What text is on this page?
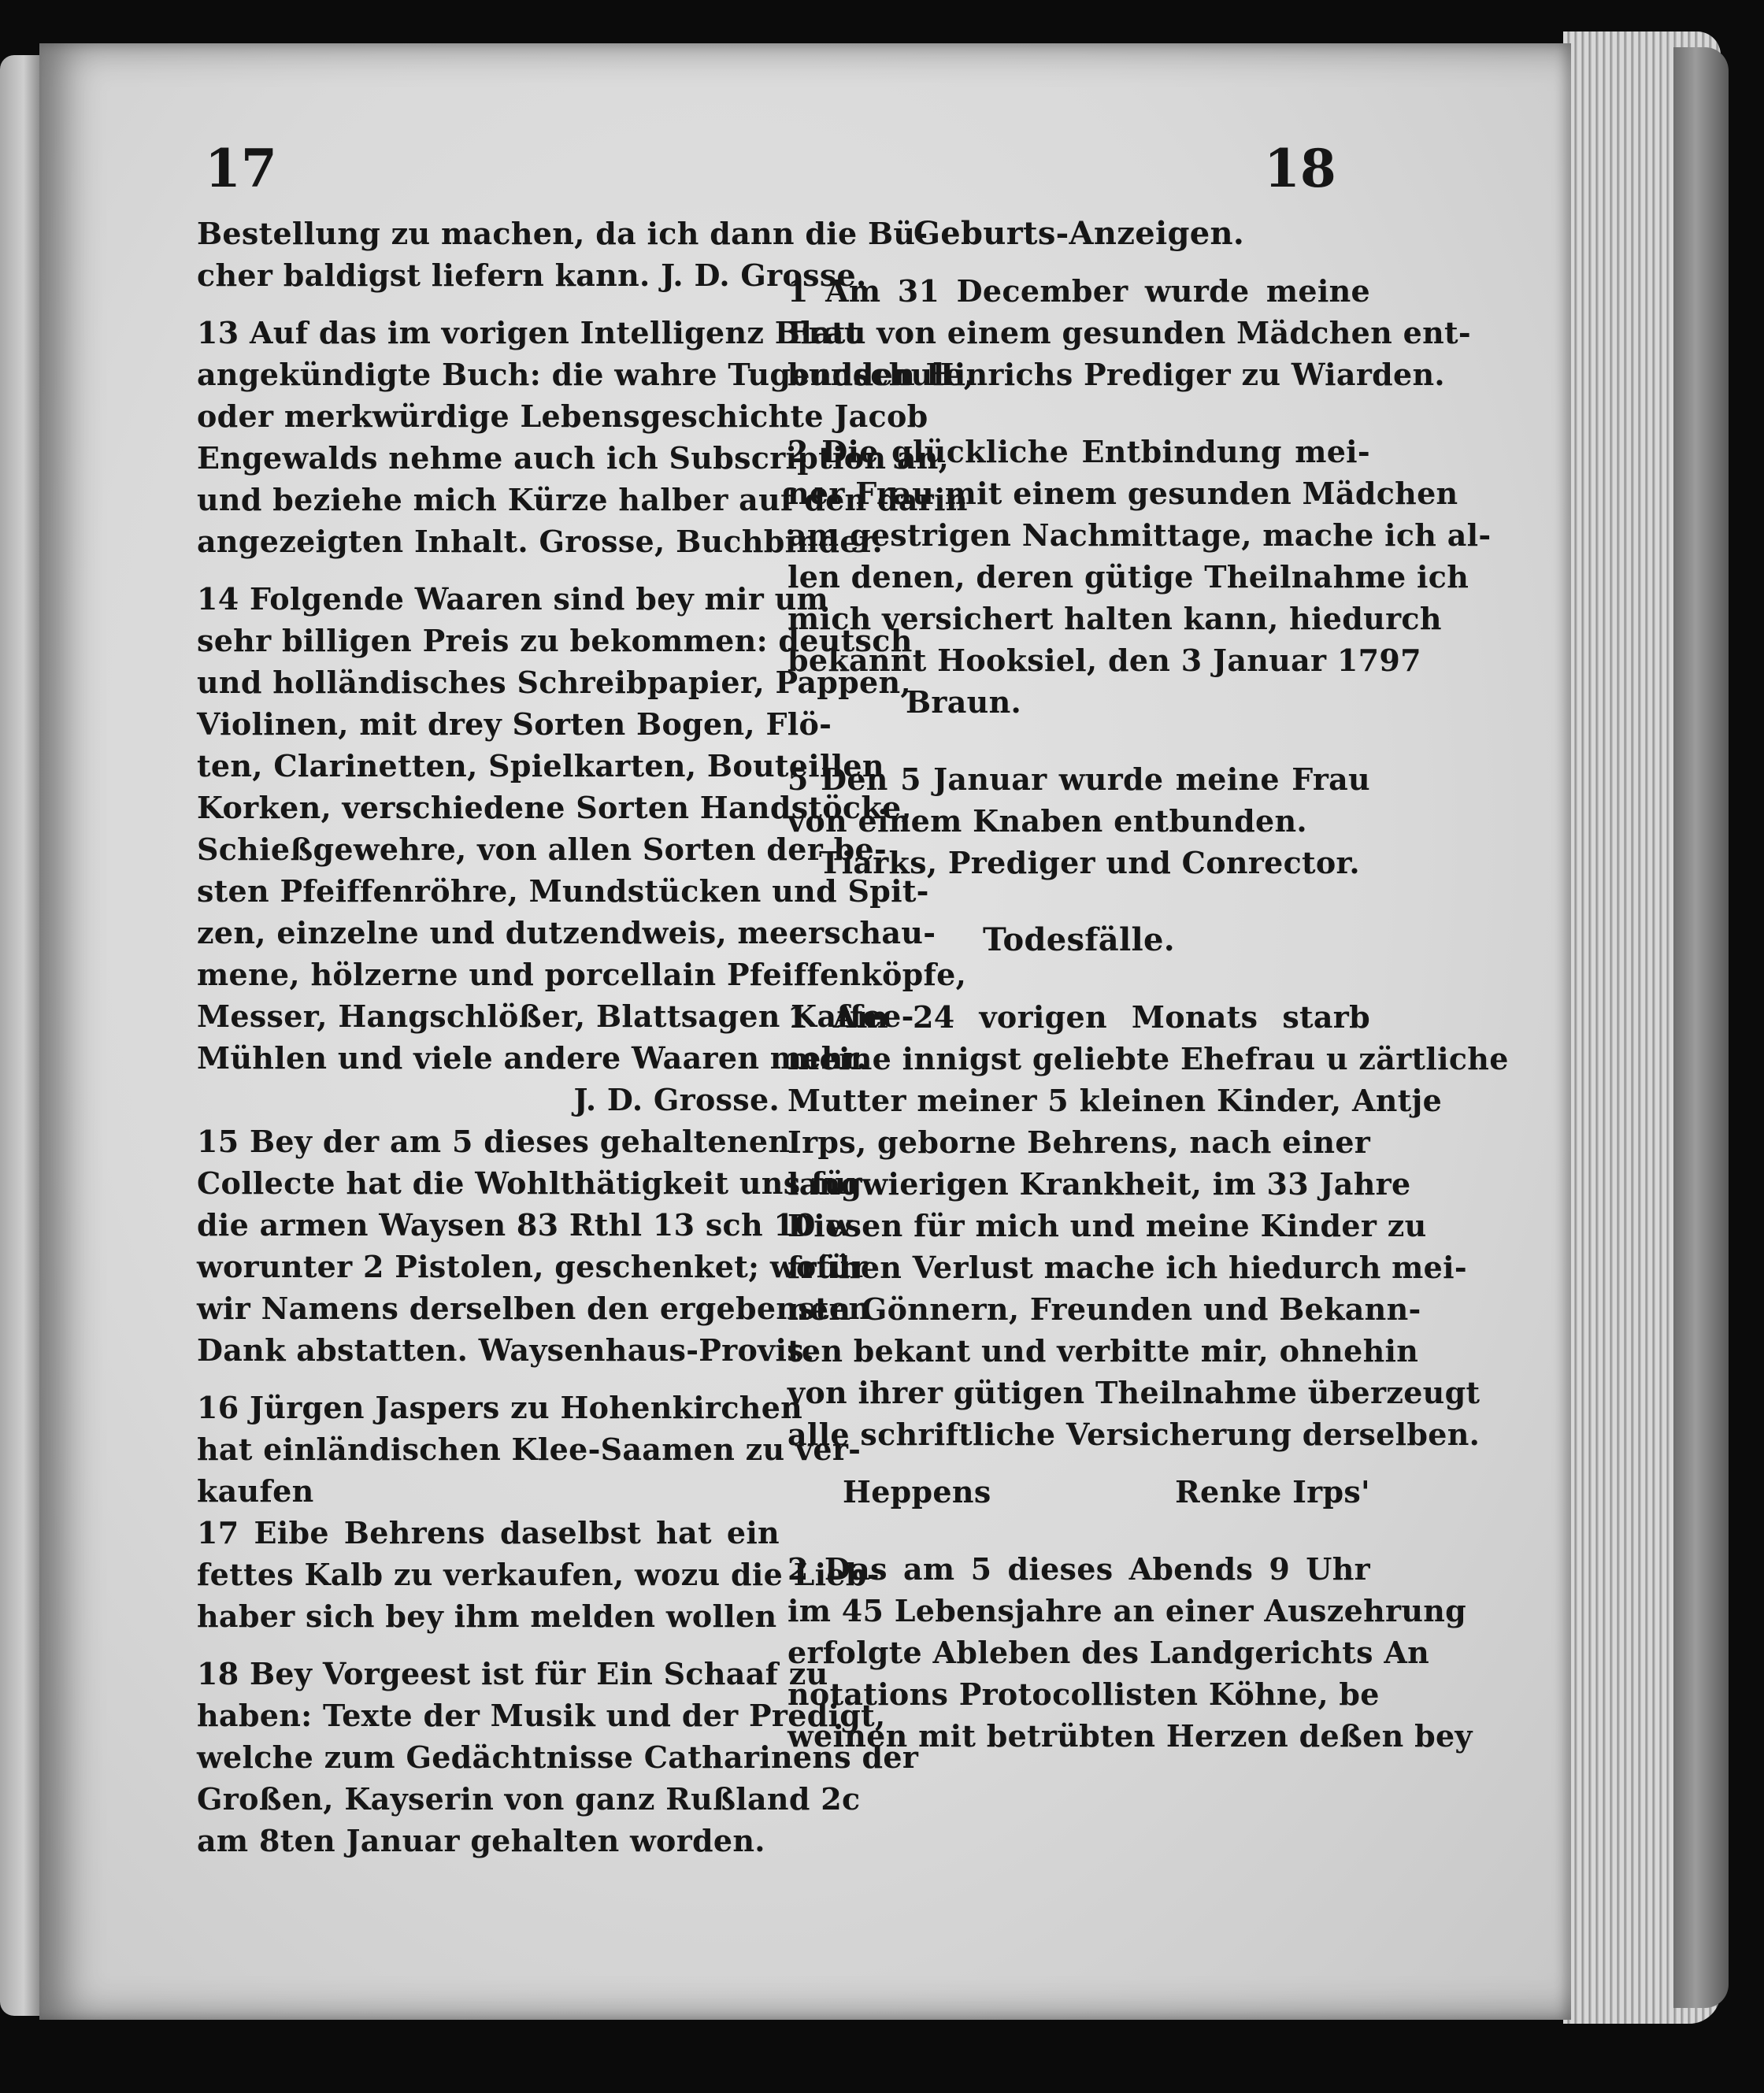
17	18
Bestellung zu machen, da ich dann die Bü-
cher baldigst liefern kann. J. D. Grosse.
13 Auf das im vorigen Intelligenz Blatt
angekündigte Buch: die wahre Tugendschule,
oder merkwürdige Lebensgeschichte Jacob
Engewalds nehme auch ich Subscription an,
und beziehe mich Kürze halber auf den darin
angezeigten Inhalt. Grosse, Buchbinder.
14 Folgende Waaren sind bey mir um
sehr billigen Preis zu bekommen: deutsch
und holländisches Schreibpapier, Pappen,
Violinen, mit drey Sorten Bogen, Flö-
ten, Clarinetten, Spielkarten, Bouteillen
Korken, verschiedene Sorten Handstöcke,
Schießgewehre, von allen Sorten der be-
sten Pfeiffenröhre, Mundstücken und Spit-
zen, einzelne und dutzendweis, meerschau-
mene, hölzerne und porcellain Pfeiffenköpfe,
Messer, Hangschlößer, Blattsagen Kaffee-
Mühlen und viele andere Waaren mehr.
J. D. Grosse.
15 Bey der am 5 dieses gehaltenen
Collecte hat die Wohlthätigkeit uns für
die armen Waysen 83 Rthl 13 sch 10 w
worunter 2 Pistolen, geschenket; wofür
wir Namens derselben den ergebensten
Dank abstatten. Waysenhaus-Provis.
16 Jürgen Jaspers zu Hohenkirchen
hat einländischen Klee-Saamen zu ver-
kaufen
17 Eibe Behrens daselbst hat ein
fettes Kalb zu verkaufen, wozu die Lieb-
haber sich bey ihm melden wollen
18 Bey Vorgeest ist für Ein Schaaf zu
haben: Texte der Musik und der Predigt,
welche zum Gedächtnisse Catharinens der
Großen, Kayserin von ganz Rußland 2c
am 8ten Januar gehalten worden.
Geburts-Anzeigen.
1 Am 31 December wurde meine
Frau von einem gesunden Mädchen ent-
bunden Hinrichs Prediger zu Wiarden.
2 Die glückliche Entbindung mei-
ner Frau mit einem gesunden Mädchen
am gestrigen Nachmittage, mache ich al-
len denen, deren gütige Theilnahme ich
mich versichert halten kann, hiedurch
bekannt Hooksiel, den 3 Januar 1797
Braun.
5 Den 5 Januar wurde meine Frau
von einem Knaben entbunden.
Tiarks, Prediger und Conrector.
Todesfälle.
1 Am 24 vorigen Monats starb
meine innigst geliebte Ehefrau u zärtliche
Mutter meiner 5 kleinen Kinder, Antje
Irps, geborne Behrens, nach einer
langwierigen Krankheit, im 33 Jahre
Diesen für mich und meine Kinder zu
frühen Verlust mache ich hiedurch mei-
nen Gönnern, Freunden und Bekann-
ten bekant und verbitte mir, ohnehin
von ihrer gütigen Theilnahme überzeugt
alle schriftliche Versicherung derselben.
Heppens	Renke Irps'
2 Das am 5 dieses Abends 9 Uhr
im 45 Lebensjahre an einer Auszehrung
erfolgte Ableben des Landgerichts An
notations Protocollisten Köhne, be
weinen mit betrübten Herzen deßen bey
